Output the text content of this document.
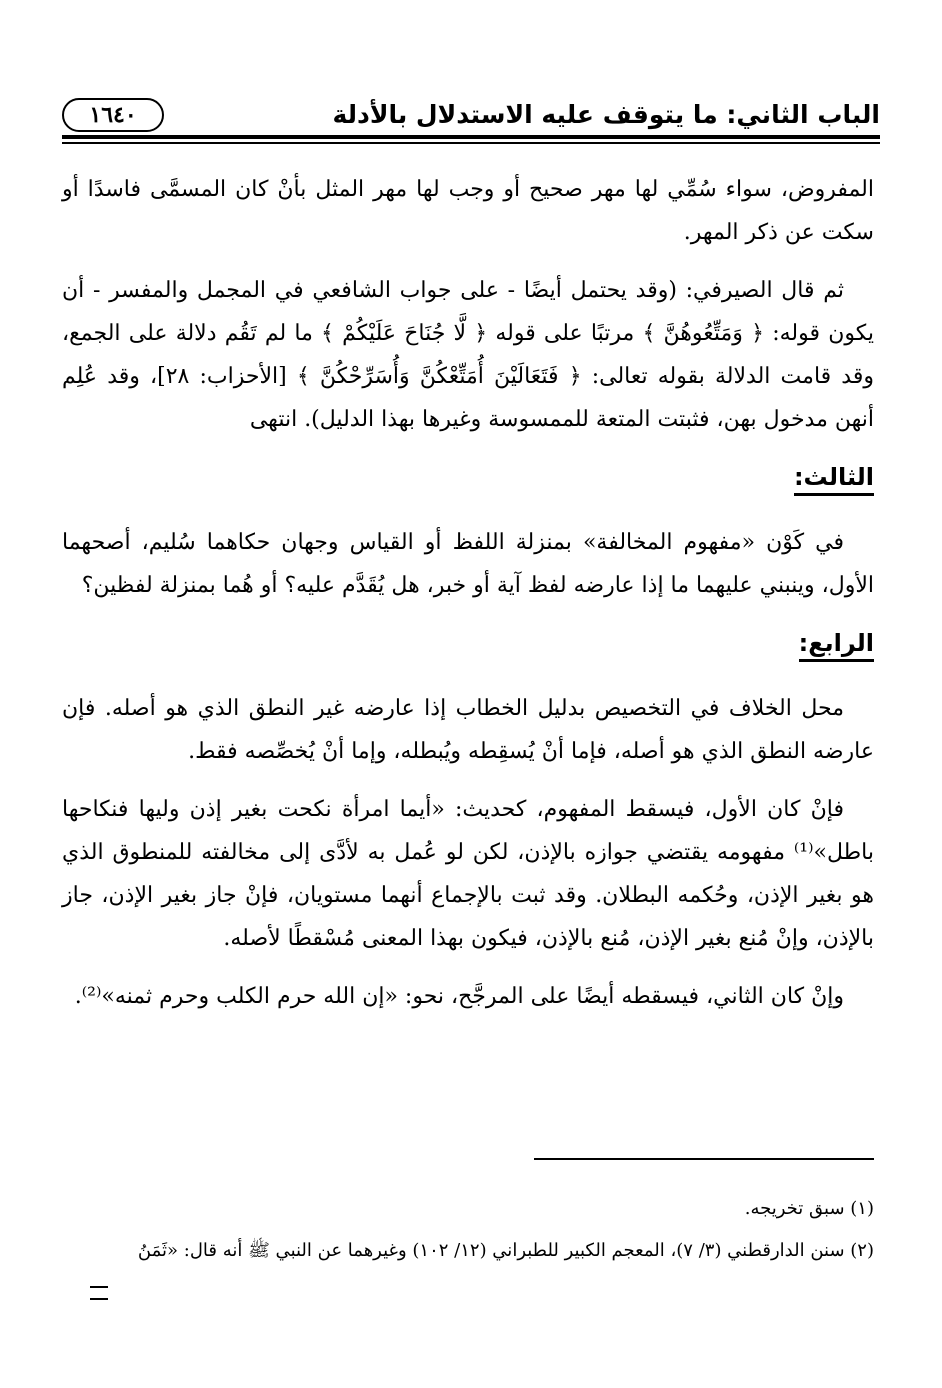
الباب الثاني: ما يتوقف عليه الاستدلال بالأدلة
١٦٤٠

المفروض، سواء سُمِّي لها مهر صحيح أو وجب لها مهر المثل بأنْ كان المسمَّى فاسدًا أو سكت عن ذكر المهر.

ثم قال الصيرفي: (وقد يحتمل أيضًا - على جواب الشافعي في المجمل والمفسر - أن يكون قوله: ﴿ وَمَتِّعُوهُنَّ ﴾ مرتبًا على قوله ﴿ لَّا جُنَاحَ عَلَيْكُمْ ﴾ ما لم تَقُم دلالة على الجمع، وقد قامت الدلالة بقوله تعالى: ﴿ فَتَعَالَيْنَ أُمَتِّعْكُنَّ وَأُسَرِّحْكُنَّ ﴾ [الأحزاب: ٢٨]، وقد عُلِم أنهن مدخول بهن، فثبتت المتعة للممسوسة وغيرها بهذا الدليل). انتهى

الثالث:

في كَوْن «مفهوم المخالفة» بمنزلة اللفظ أو القياس وجهان حكاهما سُليم، أصحهما الأول، وينبني عليهما ما إذا عارضه لفظ آية أو خبر، هل يُقَدَّم عليه؟ أو هُما بمنزلة لفظين؟

الرابع:

محل الخلاف في التخصيص بدليل الخطاب إذا عارضه غير النطق الذي هو أصله. فإن عارضه النطق الذي هو أصله، فإما أنْ يُسقِطه ويُبطله، وإما أنْ يُخصِّصه فقط.

فإنْ كان الأول، فيسقط المفهوم، كحديث: «أيما امرأة نكحت بغير إذن وليها فنكاحها باطل»⁽¹⁾ مفهومه يقتضي جوازه بالإذن، لكن لو عُمل به لأدَّى إلى مخالفته للمنطوق الذي هو بغير الإذن، وحُكمه البطلان. وقد ثبت بالإجماع أنهما مستويان، فإنْ جاز بغير الإذن، جاز بالإذن، وإنْ مُنع بغير الإذن، مُنع بالإذن، فيكون بهذا المعنى مُسْقطًا لأصله.

وإنْ كان الثاني، فيسقطه أيضًا على المرجَّح، نحو: «إن الله حرم الكلب وحرم ثمنه»⁽²⁾.

(١) سبق تخريجه.

(٢) سنن الدارقطني (٣/ ٧)، المعجم الكبير للطبراني (١٢/ ١٠٢) وغيرهما عن النبي ﷺ أنه قال: «ثَمَنُ
